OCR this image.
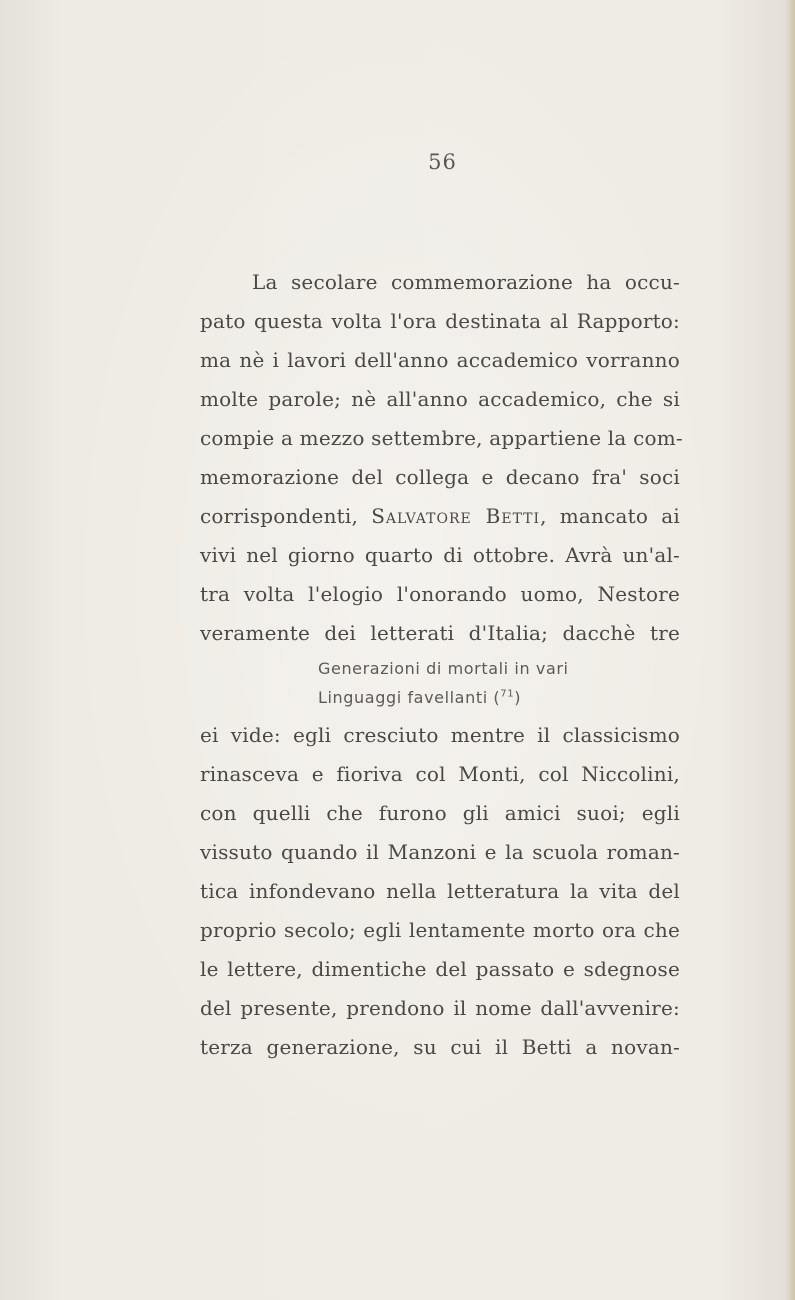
56
La secolare commemorazione ha occu-
pato questa volta l'ora destinata al Rapporto:
ma nè i lavori dell'anno accademico vorranno
molte parole; nè all'anno accademico, che si
compie a mezzo settembre, appartiene la com-
memorazione del collega e decano fra' soci
corrispondenti, Salvatore Betti, mancato ai
vivi nel giorno quarto di ottobre. Avrà un'al-
tra volta l'elogio l'onorando uomo, Nestore
veramente dei letterati d'Italia; dacchè tre
Generazioni di mortali in vari
Linguaggi favellanti ($^{71}$)
ei vide: egli cresciuto mentre il classicismo
rinasceva e fioriva col Monti, col Niccolini,
con quelli che furono gli amici suoi; egli
vissuto quando il Manzoni e la scuola roman-
tica infondevano nella letteratura la vita del
proprio secolo; egli lentamente morto ora che
le lettere, dimentiche del passato e sdegnose
del presente, prendono il nome dall'avvenire:
terza generazione, su cui il Betti a novan-
